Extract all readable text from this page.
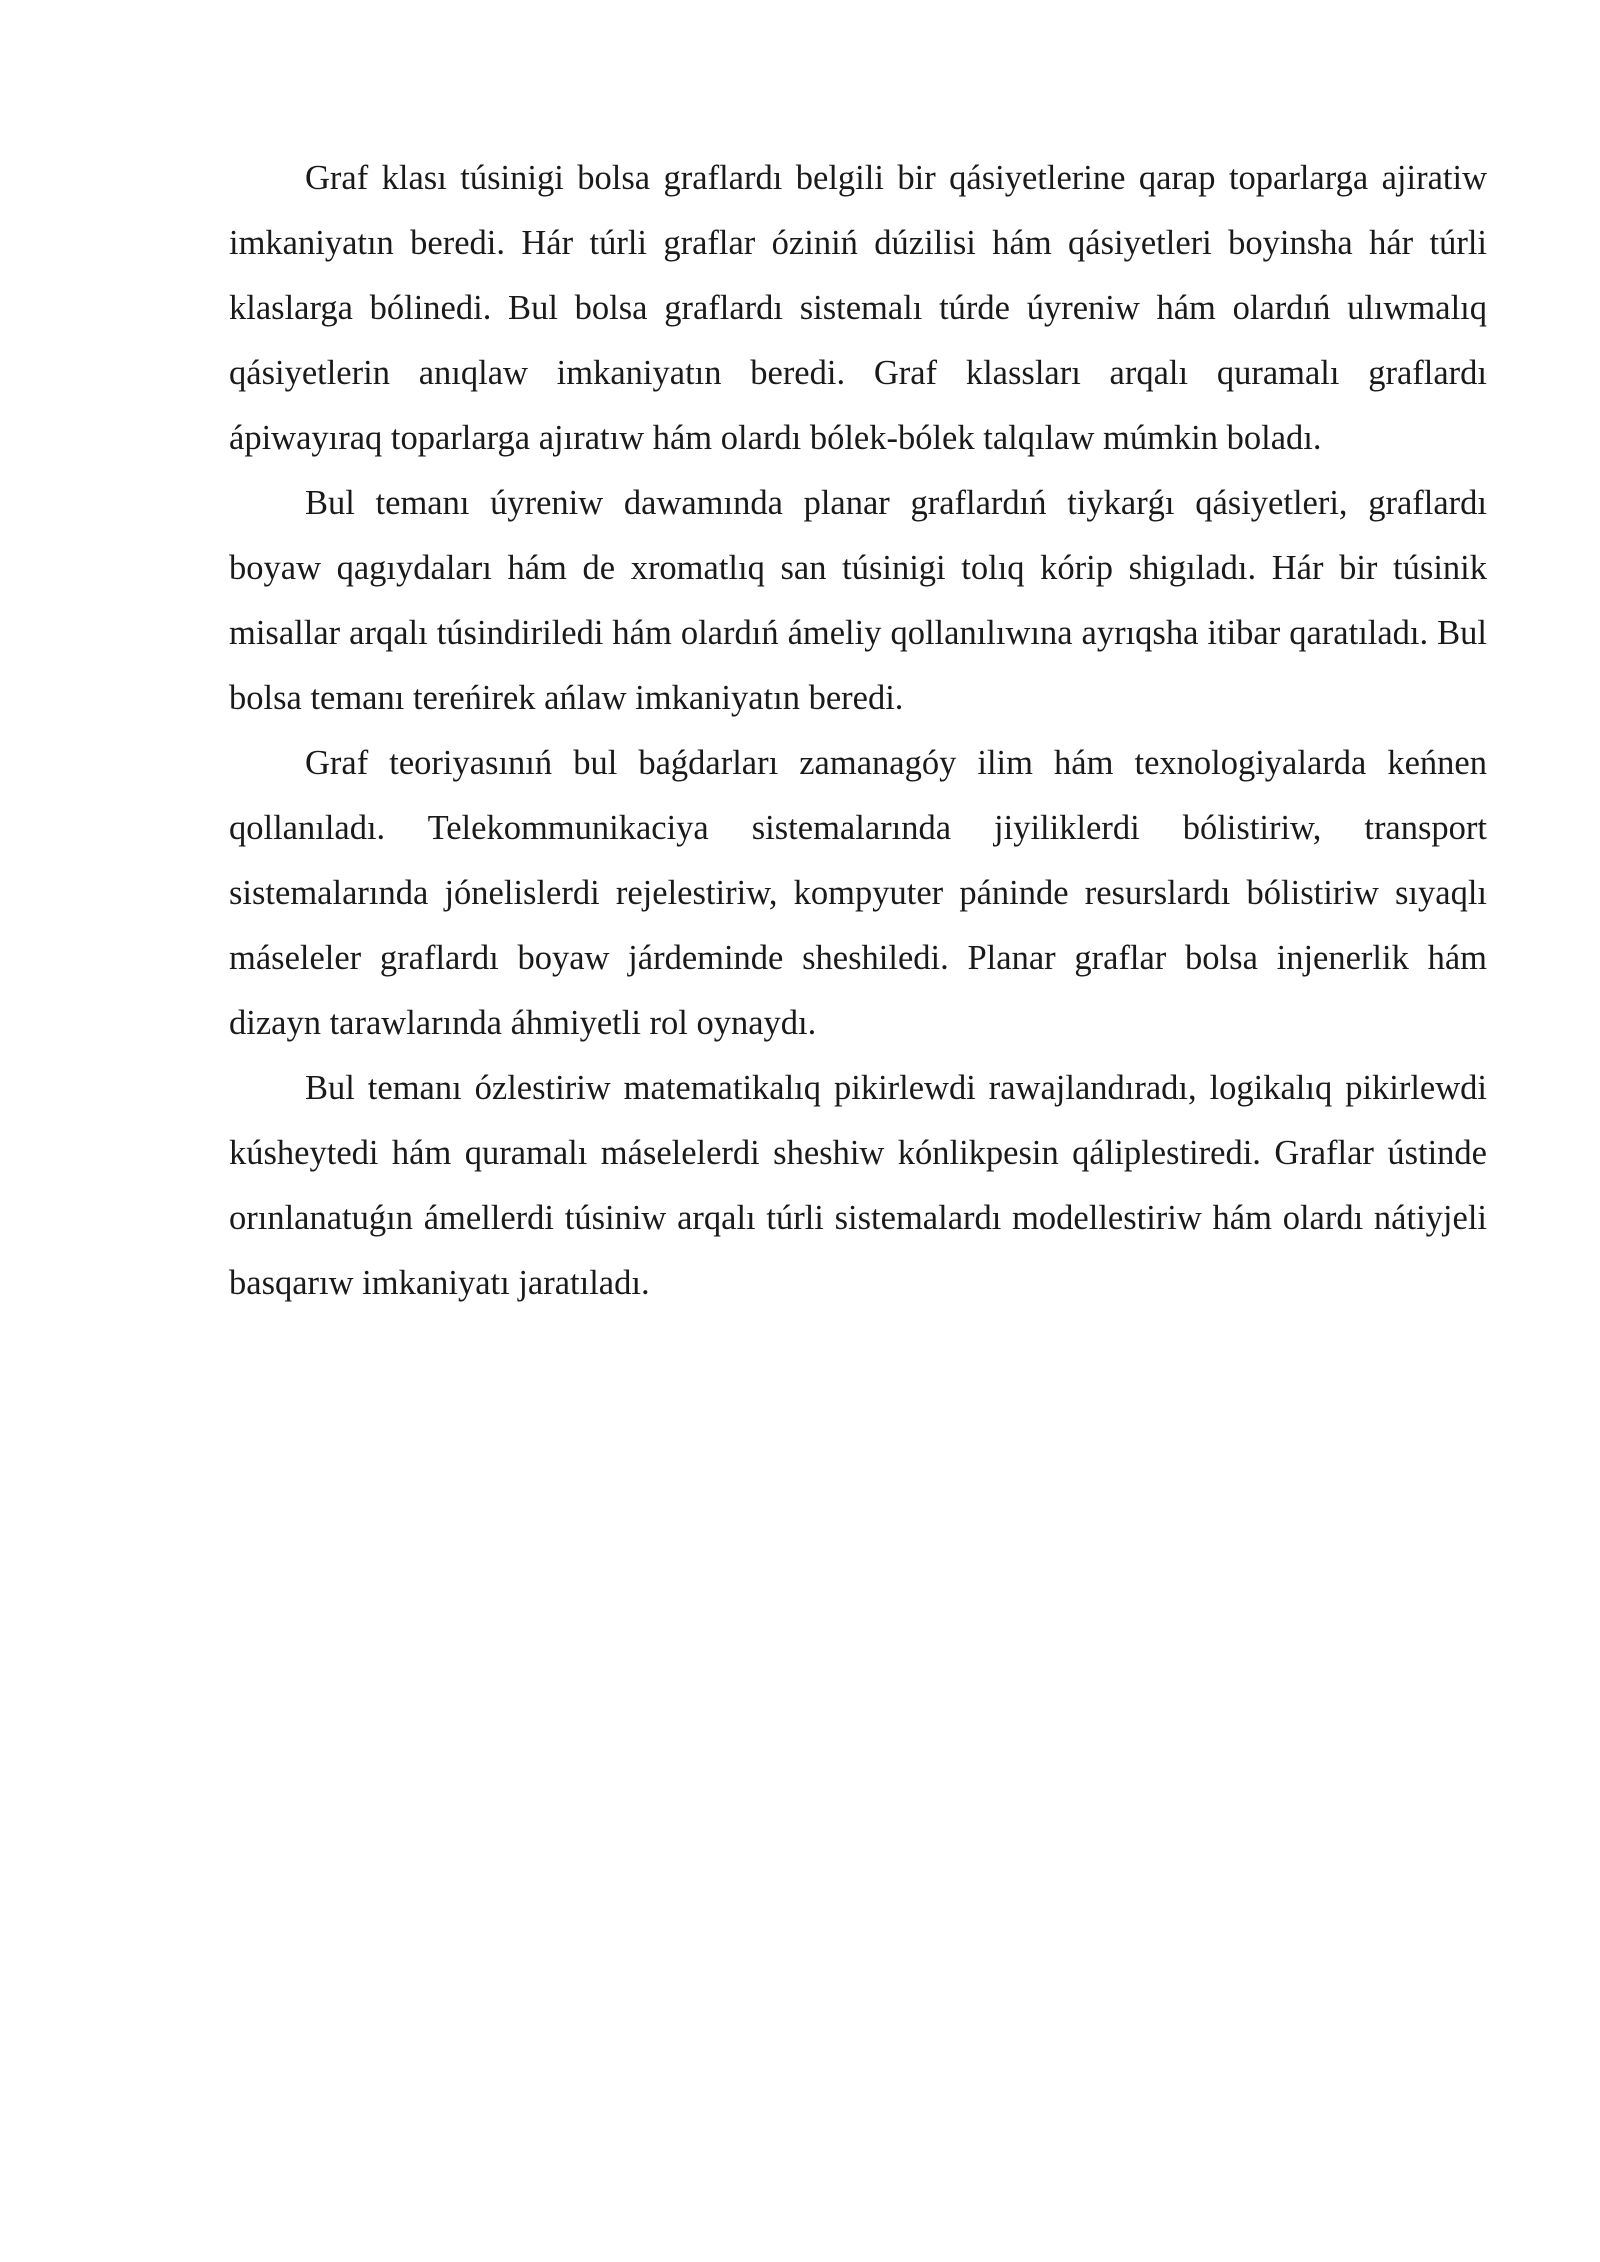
Graf klası túsinigi bolsa graflardı belgili bir qásiyetlerine qarap toparlarga ajiratiw imkaniyatın beredi. Hár túrli graflar óziniń dúzilisi hám qásiyetleri boyinsha hár túrli klaslarga bólinedi. Bul bolsa graflardı sistemalı túrde úyreniw hám olardıń ulıwmalıq qásiyetlerin anıqlaw imkaniyatın beredi. Graf klassları arqalı quramalı graflardı ápiwayıraq toparlarga ajıratıw hám olardı bólek-bólek talqılaw múmkin boladı.

Bul temanı úyreniw dawamında planar graflardıń tiykarǵı qásiyetleri, graflardı boyaw qagıydaları hám de xromatlıq san túsinigi tolıq kórip shigıladı. Hár bir túsinik misallar arqalı túsindiriledi hám olardıń ámeliy qollanılıwına ayrıqsha itibar qaratıladı. Bul bolsa temanı tereńirek ańlaw imkaniyatın beredi.

Graf teoriyasınıń bul baǵdarları zamanagóy ilim hám texnologiyalarda keńnen qollanıladı. Telekommunikaciya sistemalarında jiyiliklerdi bólistiriw, transport sistemalarında jónelislerdi rejelestiriw, kompyuter páninde resurslardı bólistiriw sıyaqlı máseleler graflardı boyaw járdeminde sheshiledi. Planar graflar bolsa injenerlik hám dizayn tarawlarında áhmiyetli rol oynaydı.

Bul temanı ózlestiriw matematikalıq pikirlewdi rawajlandıradı, logikalıq pikirlewdi kúsheytedi hám quramalı máselelerdi sheshiw kónlikpesin qáliplestiredi. Graflar ústinde orınlanatuǵın ámellerdi túsiniw arqalı túrli sistemalardı modellestiriw hám olardı nátiyjeli basqarıw imkaniyatı jaratıladı.
